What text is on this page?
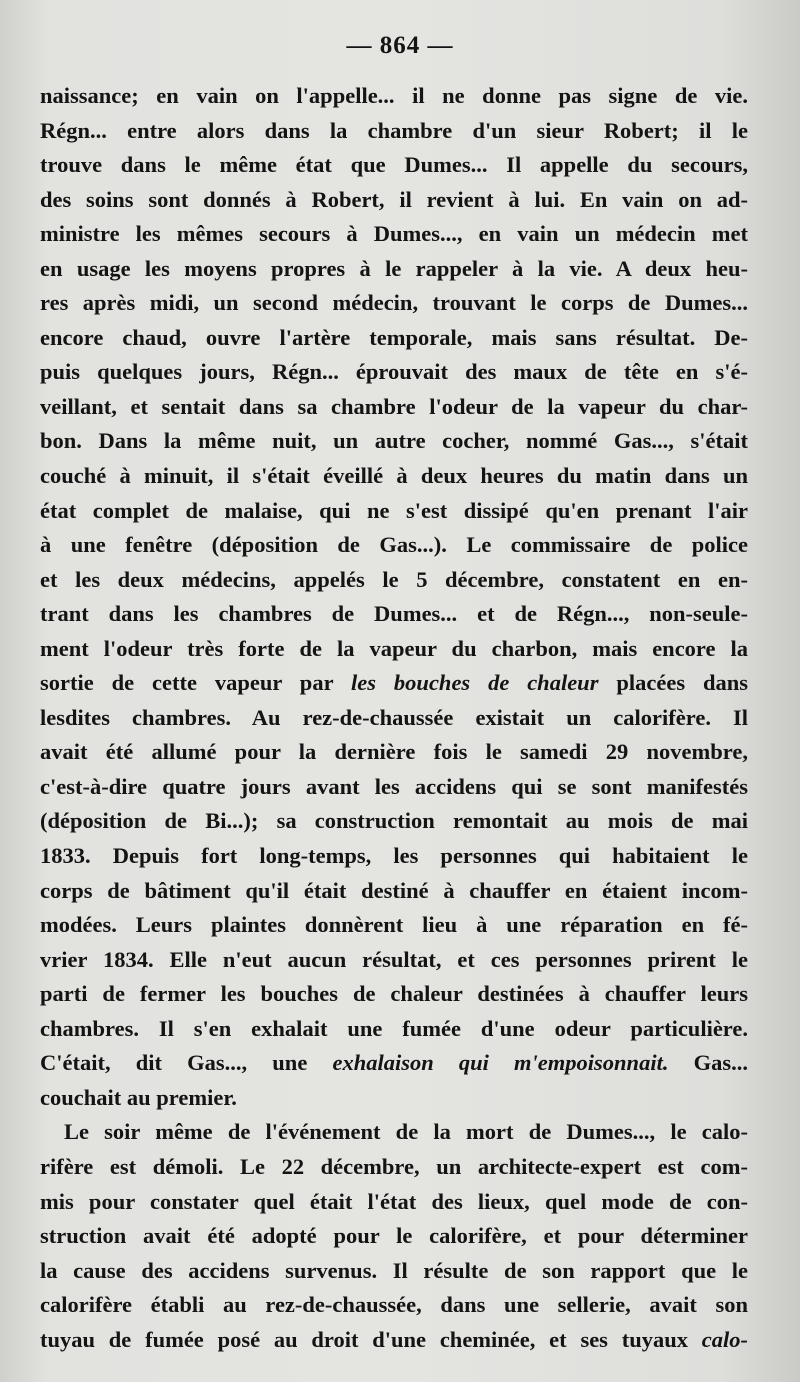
— 864 —
naissance; en vain on l'appelle... il ne donne pas signe de vie.
Régn... entre alors dans la chambre d'un sieur Robert; il le
trouve dans le même état que Dumes... Il appelle du secours,
des soins sont donnés à Robert, il revient à lui. En vain on ad-
ministre les mêmes secours à Dumes..., en vain un médecin met
en usage les moyens propres à le rappeler à la vie. A deux heu-
res après midi, un second médecin, trouvant le corps de Dumes...
encore chaud, ouvre l'artère temporale, mais sans résultat. De-
puis quelques jours, Régn... éprouvait des maux de tête en s'é-
veillant, et sentait dans sa chambre l'odeur de la vapeur du char-
bon. Dans la même nuit, un autre cocher, nommé Gas..., s'était
couché à minuit, il s'était éveillé à deux heures du matin dans un
état complet de malaise, qui ne s'est dissipé qu'en prenant l'air
à une fenêtre (déposition de Gas...). Le commissaire de police
et les deux médecins, appelés le 5 décembre, constatent en en-
trant dans les chambres de Dumes... et de Régn..., non-seule-
ment l'odeur très forte de la vapeur du charbon, mais encore la
sortie de cette vapeur par les bouches de chaleur placées dans
lesdites chambres. Au rez-de-chaussée existait un calorifère. Il
avait été allumé pour la dernière fois le samedi 29 novembre,
c'est-à-dire quatre jours avant les accidens qui se sont manifestés
(déposition de Bi...); sa construction remontait au mois de mai
1833. Depuis fort long-temps, les personnes qui habitaient le
corps de bâtiment qu'il était destiné à chauffer en étaient incom-
modées. Leurs plaintes donnèrent lieu à une réparation en fé-
vrier 1834. Elle n'eut aucun résultat, et ces personnes prirent le
parti de fermer les bouches de chaleur destinées à chauffer leurs
chambres. Il s'en exhalait une fumée d'une odeur particulière.
C'était, dit Gas..., une exhalaison qui m'empoisonnait. Gas...
couchait au premier.
Le soir même de l'événement de la mort de Dumes..., le calo-
rifère est démoli. Le 22 décembre, un architecte-expert est com-
mis pour constater quel était l'état des lieux, quel mode de con-
struction avait été adopté pour le calorifère, et pour déterminer
la cause des accidens survenus. Il résulte de son rapport que le
calorifère établi au rez-de-chaussée, dans une sellerie, avait son
tuyau de fumée posé au droit d'une cheminée, et ses tuyaux calo-
